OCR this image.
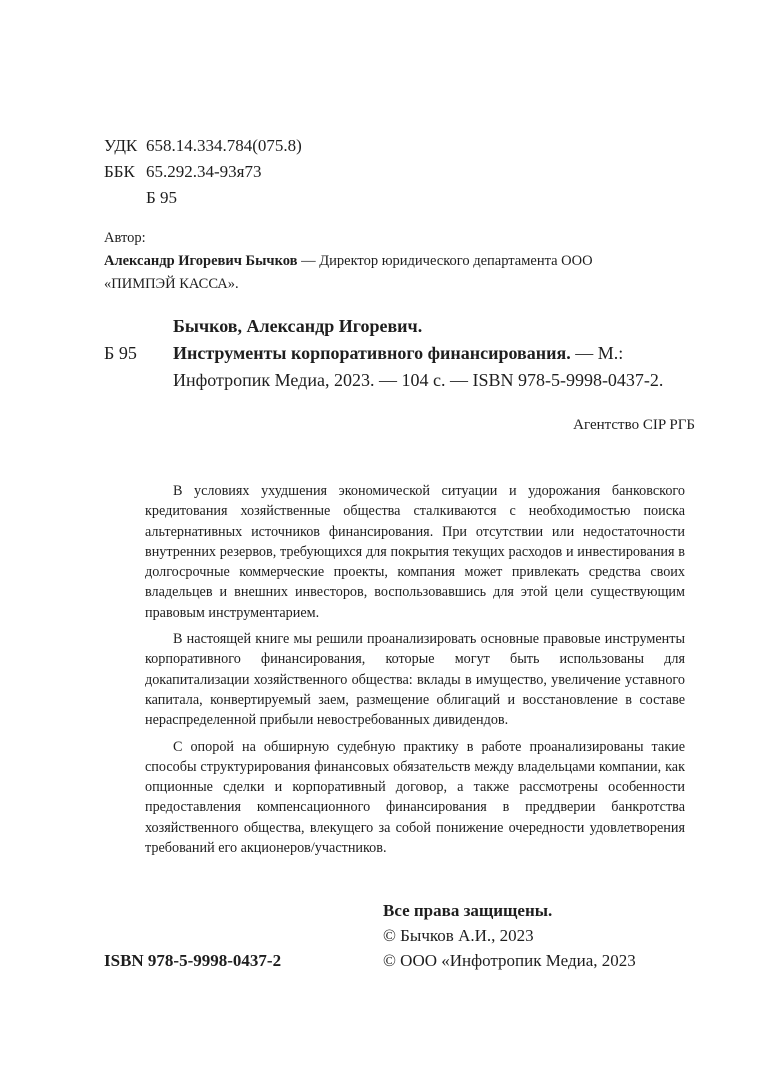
УДК 658.14.334.784(075.8)
ББК 65.292.34-93я73
Б 95
Автор:
Александр Игоревич Бычков — Директор юридического департамента ООО «ПИМПЭЙ КАССА».
Б 95
Бычков, Александр Игоревич.
Инструменты корпоративного финансирования. — М.: Инфотропик Медиа, 2023. — 104 с. — ISBN 978-5-9998-0437-2.
Агентство CIP РГБ

В условиях ухудшения экономической ситуации и удорожания банковского кредитования хозяйственные общества сталкиваются с необходимостью поиска альтернативных источников финансирования. При отсутствии или недостаточности внутренних резервов, требующихся для покрытия текущих расходов и инвестирования в долгосрочные коммерческие проекты, компания может привлекать средства своих владельцев и внешних инвесторов, воспользовавшись для этой цели существующим правовым инструментарием.

В настоящей книге мы решили проанализировать основные правовые инструменты корпоративного финансирования, которые могут быть использованы для докапитализации хозяйственного общества: вклады в имущество, увеличение уставного капитала, конвертируемый заем, размещение облигаций и восстановление в составе нераспределенной прибыли невостребованных дивидендов.

С опорой на обширную судебную практику в работе проанализированы такие способы структурирования финансовых обязательств между владельцами компании, как опционные сделки и корпоративный договор, а также рассмотрены особенности предоставления компенсационного финансирования в преддверии банкротства хозяйственного общества, влекущего за собой понижение очередности удовлетворения требований его акционеров/участников.

Все права защищены.
© Бычков А.И., 2023
© ООО «Инфотропик Медиа, 2023
ISBN 978-5-9998-0437-2
